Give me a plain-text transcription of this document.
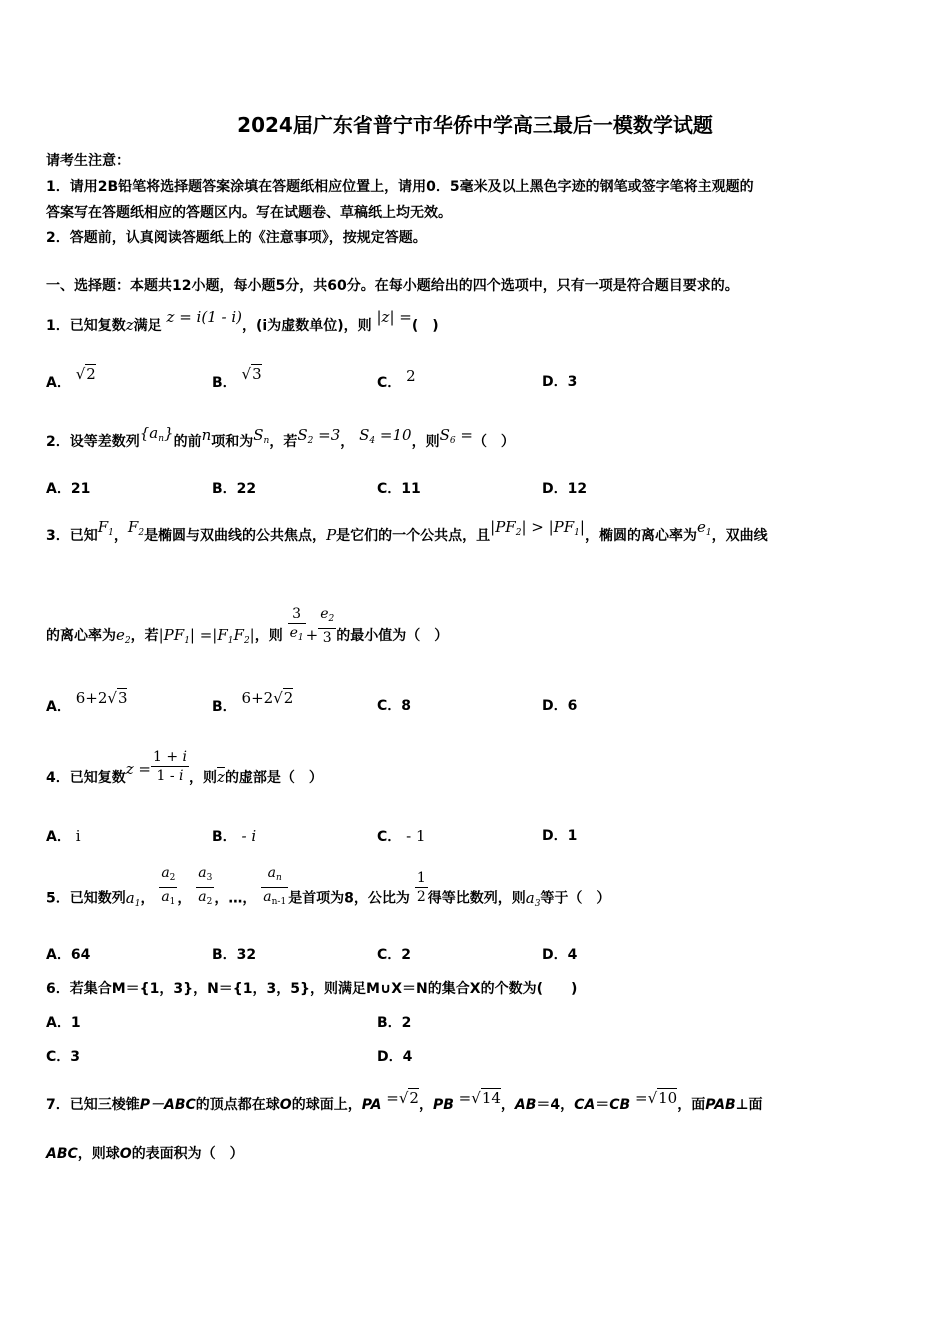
2024届广东省普宁市华侨中学高三最后一模数学试题
请考生注意：
1．请用2B铅笔将选择题答案涂填在答题纸相应位置上，请用0．5毫米及以上黑色字迹的钢笔或签字笔将主观题的
答案写在答题纸相应的答题区内。写在试题卷、草稿纸上均无效。
2．答题前，认真阅读答题纸上的《注意事项》，按规定答题。
一、选择题：本题共12小题，每小题5分，共60分。在每小题给出的四个选项中，只有一项是符合题目要求的。
1．已知复数z满足 z = i(1 - i)，(i为虚数单位)，则 |z| =(　)
A． √2	B． √3	C． 2	D．3
2．设等差数列$\{a_n\}$的前n项和为$S_n$，若$S_2 =3$， $S_4 =10$，则$S_6$ =（　）
A．21	B．22	C．11	D．12
3．已知$F_1$，$F_2$是椭圆与双曲线的公共焦点，P是它们的一个公共点，且$|PF_2| > |PF_1|$，椭圆的离心率为$e_1$，双曲线
的离心率为$e_2$，若$|PF_1| =|F_1F_2|$，则 $\frac{3}{e_1} + \frac{e_2}{3}$ 的最小值为（　）
A． 6+2√3	B． 6+2√2	C．8	D．6
4．已知复数$z = \frac{1 + i}{1 - i}$ ，则$\overline{z}$的虚部是（　）
A． i	B． - i	C． - 1	D．1
5．已知数列$a_1$， $\frac{a_2}{a_1}$ ， $\frac{a_3}{a_2}$ ，…， $\frac{a_n}{a_{n-1}}$ 是首项为8，公比为 $\frac{1}{2}$ 得等比数列，则$a_3$等于（　）
A．64	B．32	C．2	D．4
6．若集合M＝{1，3}，N＝{1，3，5}，则满足M∪X＝N的集合X的个数为(　　)
A．1	B．2
C．3	D．4
7．已知三棱锥P－ABC的顶点都在球O的球面上，PA =√2，PB =√14，AB＝4，CA＝CB =√10，面PAB⊥面
ABC，则球O的表面积为（　）
